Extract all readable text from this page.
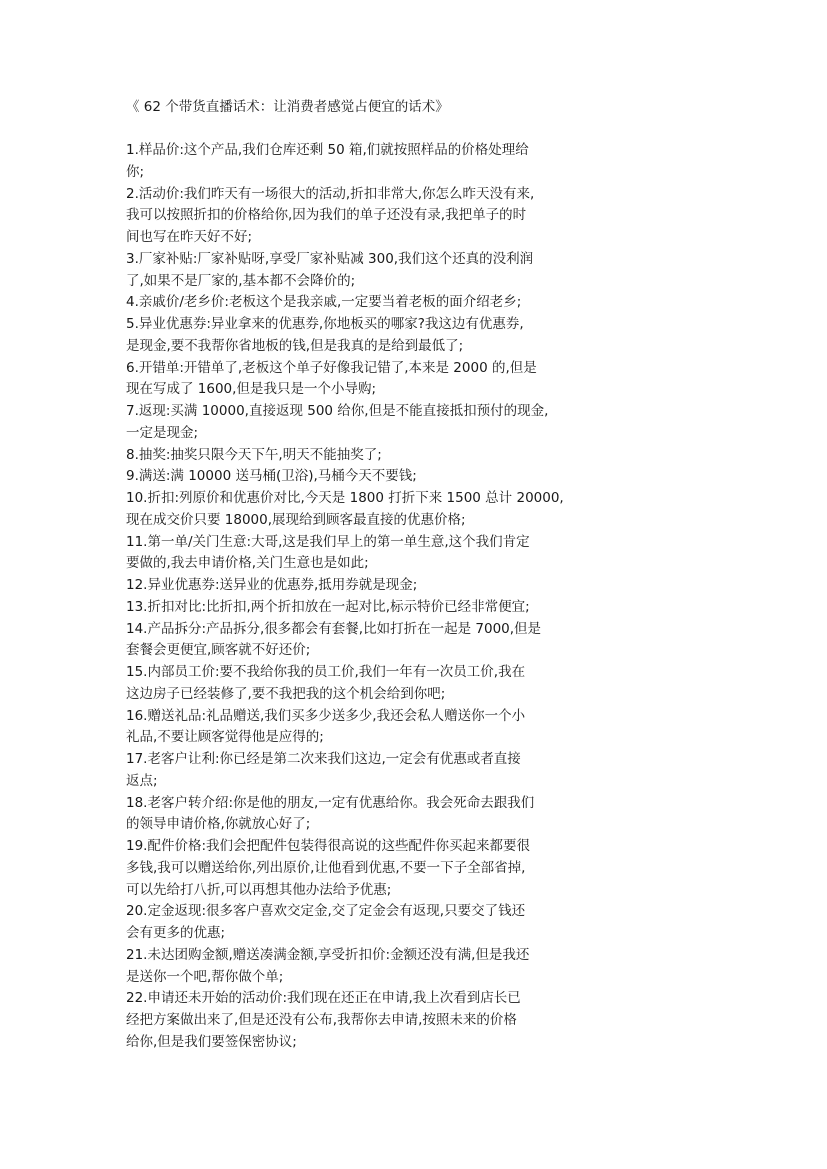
《 62 个带货直播话术：让消费者感觉占便宜的话术》
1.样品价:这个产品,我们仓库还剩 50 箱,们就按照样品的价格处理给
你;
2.活动价:我们昨天有一场很大的活动,折扣非常大,你怎么昨天没有来,
我可以按照折扣的价格给你,因为我们的单子还没有录,我把单子的时
间也写在昨天好不好;
3.厂家补贴:厂家补贴呀,享受厂家补贴减 300,我们这个还真的没利润
了,如果不是厂家的,基本都不会降价的;
4.亲戚价/老乡价:老板这个是我亲戚,一定要当着老板的面介绍老乡;
5.异业优惠券:异业拿来的优惠券,你地板买的哪家?我这边有优惠券,
是现金,要不我帮你省地板的钱,但是我真的是给到最低了;
6.开错单:开错单了,老板这个单子好像我记错了,本来是 2000 的,但是
现在写成了 1600,但是我只是一个小导购;
7.返现:买满 10000,直接返现 500 给你,但是不能直接抵扣预付的现金,
一定是现金;
8.抽奖:抽奖只限今天下午,明天不能抽奖了;
9.满送:满 10000 送马桶(卫浴),马桶今天不要钱;
10.折扣:列原价和优惠价对比,今天是 1800 打折下来 1500 总计 20000,
现在成交价只要 18000,展现给到顾客最直接的优惠价格;
11.第一单/关门生意:大哥,这是我们早上的第一单生意,这个我们肯定
要做的,我去申请价格,关门生意也是如此;
12.异业优惠券:送异业的优惠券,抵用券就是现金;
13.折扣对比:比折扣,两个折扣放在一起对比,标示特价已经非常便宜;
14.产品拆分:产品拆分,很多都会有套餐,比如打折在一起是 7000,但是
套餐会更便宜,顾客就不好还价;
15.内部员工价:要不我给你我的员工价,我们一年有一次员工价,我在
这边房子已经装修了,要不我把我的这个机会给到你吧;
16.赠送礼品:礼品赠送,我们买多少送多少,我还会私人赠送你一个小
礼品,不要让顾客觉得他是应得的;
17.老客户让利:你已经是第二次来我们这边,一定会有优惠或者直接
返点;
18.老客户转介绍:你是他的朋友,一定有优惠给你。我会死命去跟我们
的领导申请价格,你就放心好了;
19.配件价格:我们会把配件包装得很高说的这些配件你买起来都要很
多钱,我可以赠送给你,列出原价,让他看到优惠,不要一下子全部省掉,
可以先给打八折,可以再想其他办法给予优惠;
20.定金返现:很多客户喜欢交定金,交了定金会有返现,只要交了钱还
会有更多的优惠;
21.未达团购金额,赠送凑满金额,享受折扣价:金额还没有满,但是我还
是送你一个吧,帮你做个单;
22.申请还未开始的活动价:我们现在还正在申请,我上次看到店长已
经把方案做出来了,但是还没有公布,我帮你去申请,按照未来的价格
给你,但是我们要签保密协议;
